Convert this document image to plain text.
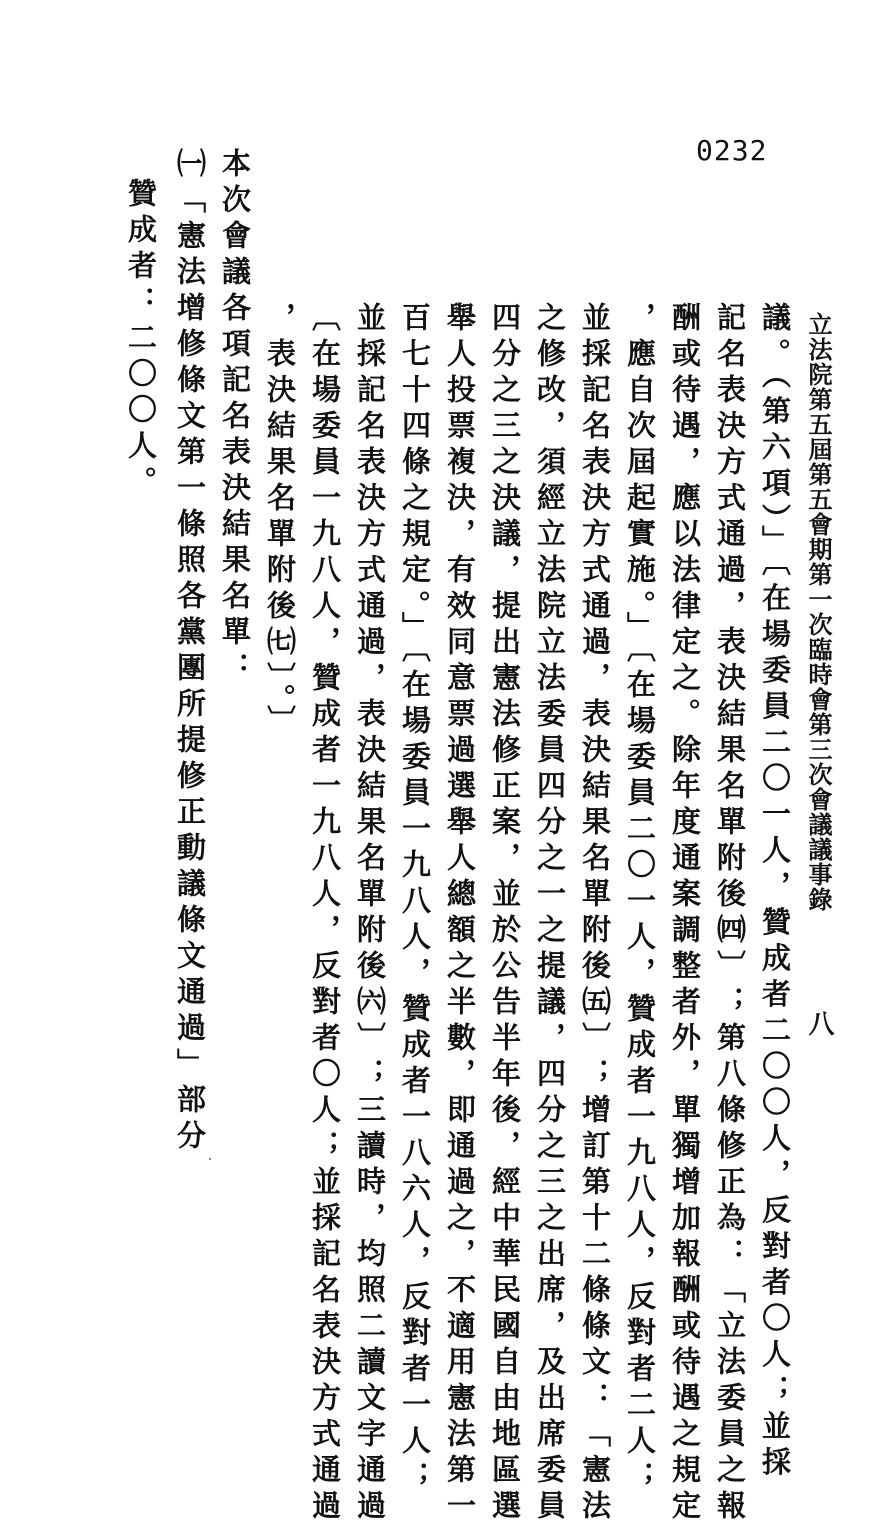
0232
立法院第五屆第五會期第一次臨時會第三次會議議事錄
八
議。（第六項）」〔在場委員二〇一人，贊成者二〇〇人，反對者〇人；並採
記名表決方式通過，表決結果名單附後㈣〕；第八條修正為：「立法委員之報
酬或待遇，應以法律定之。除年度通案調整者外，單獨增加報酬或待遇之規定
，應自次屆起實施。」〔在場委員二〇一人，贊成者一九八人，反對者二人；
並採記名表決方式通過，表決結果名單附後㈤〕；增訂第十二條條文：「憲法
之修改，須經立法院立法委員四分之一之提議，四分之三之出席，及出席委員
四分之三之決議，提出憲法修正案，並於公告半年後，經中華民國自由地區選
舉人投票複決，有效同意票過選舉人總額之半數，即通過之，不適用憲法第一
百七十四條之規定。」〔在場委員一九八人，贊成者一八六人，反對者一人；
並採記名表決方式通過，表決結果名單附後㈥〕；三讀時，均照二讀文字通過
〔在場委員一九八人，贊成者一九八人，反對者〇人；並採記名表決方式通過
，表決結果名單附後㈦〕。〕
本次會議各項記名表決結果名單：
㈠「憲法增修條文第一條照各黨團所提修正動議條文通過」部分
贊成者：二〇〇人。
